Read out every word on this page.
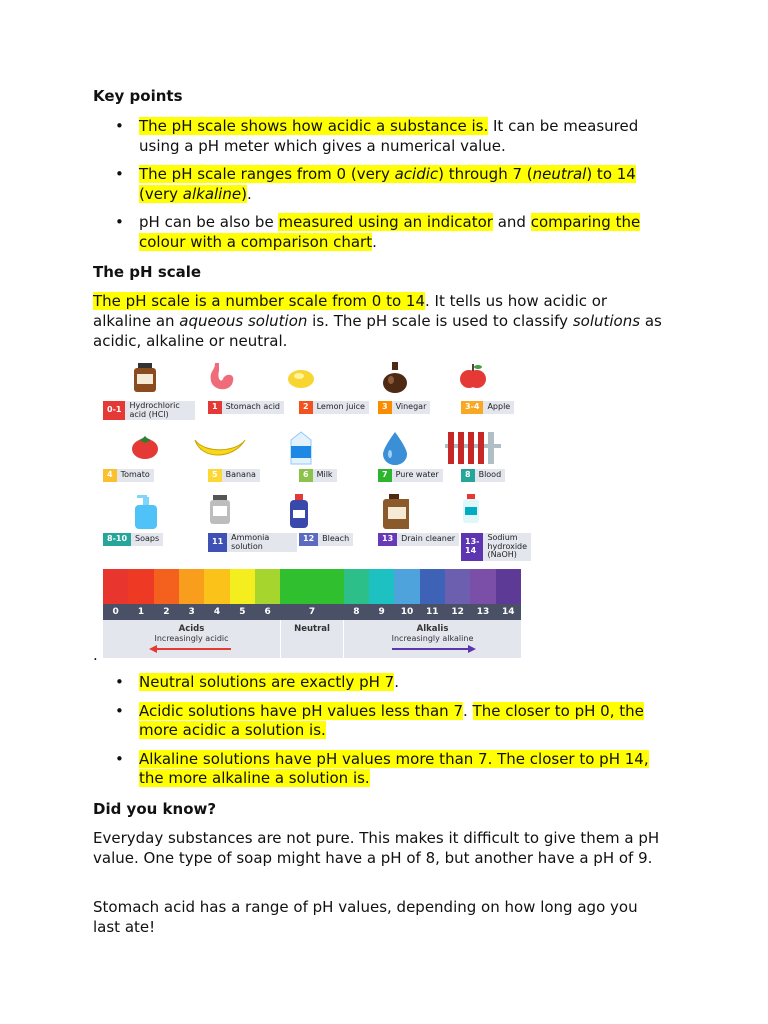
Key points
• The pH scale shows how acidic a substance is. It can be measured using a pH meter which gives a numerical value.
• The pH scale ranges from 0 (very acidic) through 7 (neutral) to 14 (very alkaline).
• pH can be also be measured using an indicator and comparing the colour with a comparison chart.
The pH scale

The pH scale is a number scale from 0 to 14. It tells us how acidic or alkaline an aqueous solution is. The pH scale is used to classify solutions as acidic, alkaline or neutral.

.

• Neutral solutions are exactly pH 7.
• Acidic solutions have pH values less than 7. The closer to pH 0, the more acidic a solution is.
• Alkaline solutions have pH values more than 7. The closer to pH 14, the more alkaline a solution is.
Did you know?

Everyday substances are not pure. This makes it difficult to give them a pH value. One type of soap might have a pH of 8, but another have a pH of 9.

Stomach acid has a range of pH values, depending on how long ago you last ate!

0-1	Hydrochloric acid (HCl)
1	Stomach acid	2	Lemon juice	3	Vinegar	3-4	Apple
4	Tomato	5	Banana	6	Milk	7	Pure water	8	Blood
8-10	Soaps	11	Ammonia solution
12	Bleach	13	Drain cleaner	13-14
Sodium hydroxide (NaOH)
0	1	2	3	4	5	6	7	8	9	10	11	12	13	14
Acids
Increasingly acidic
Neutral	Alkalis
Increasingly alkaline
